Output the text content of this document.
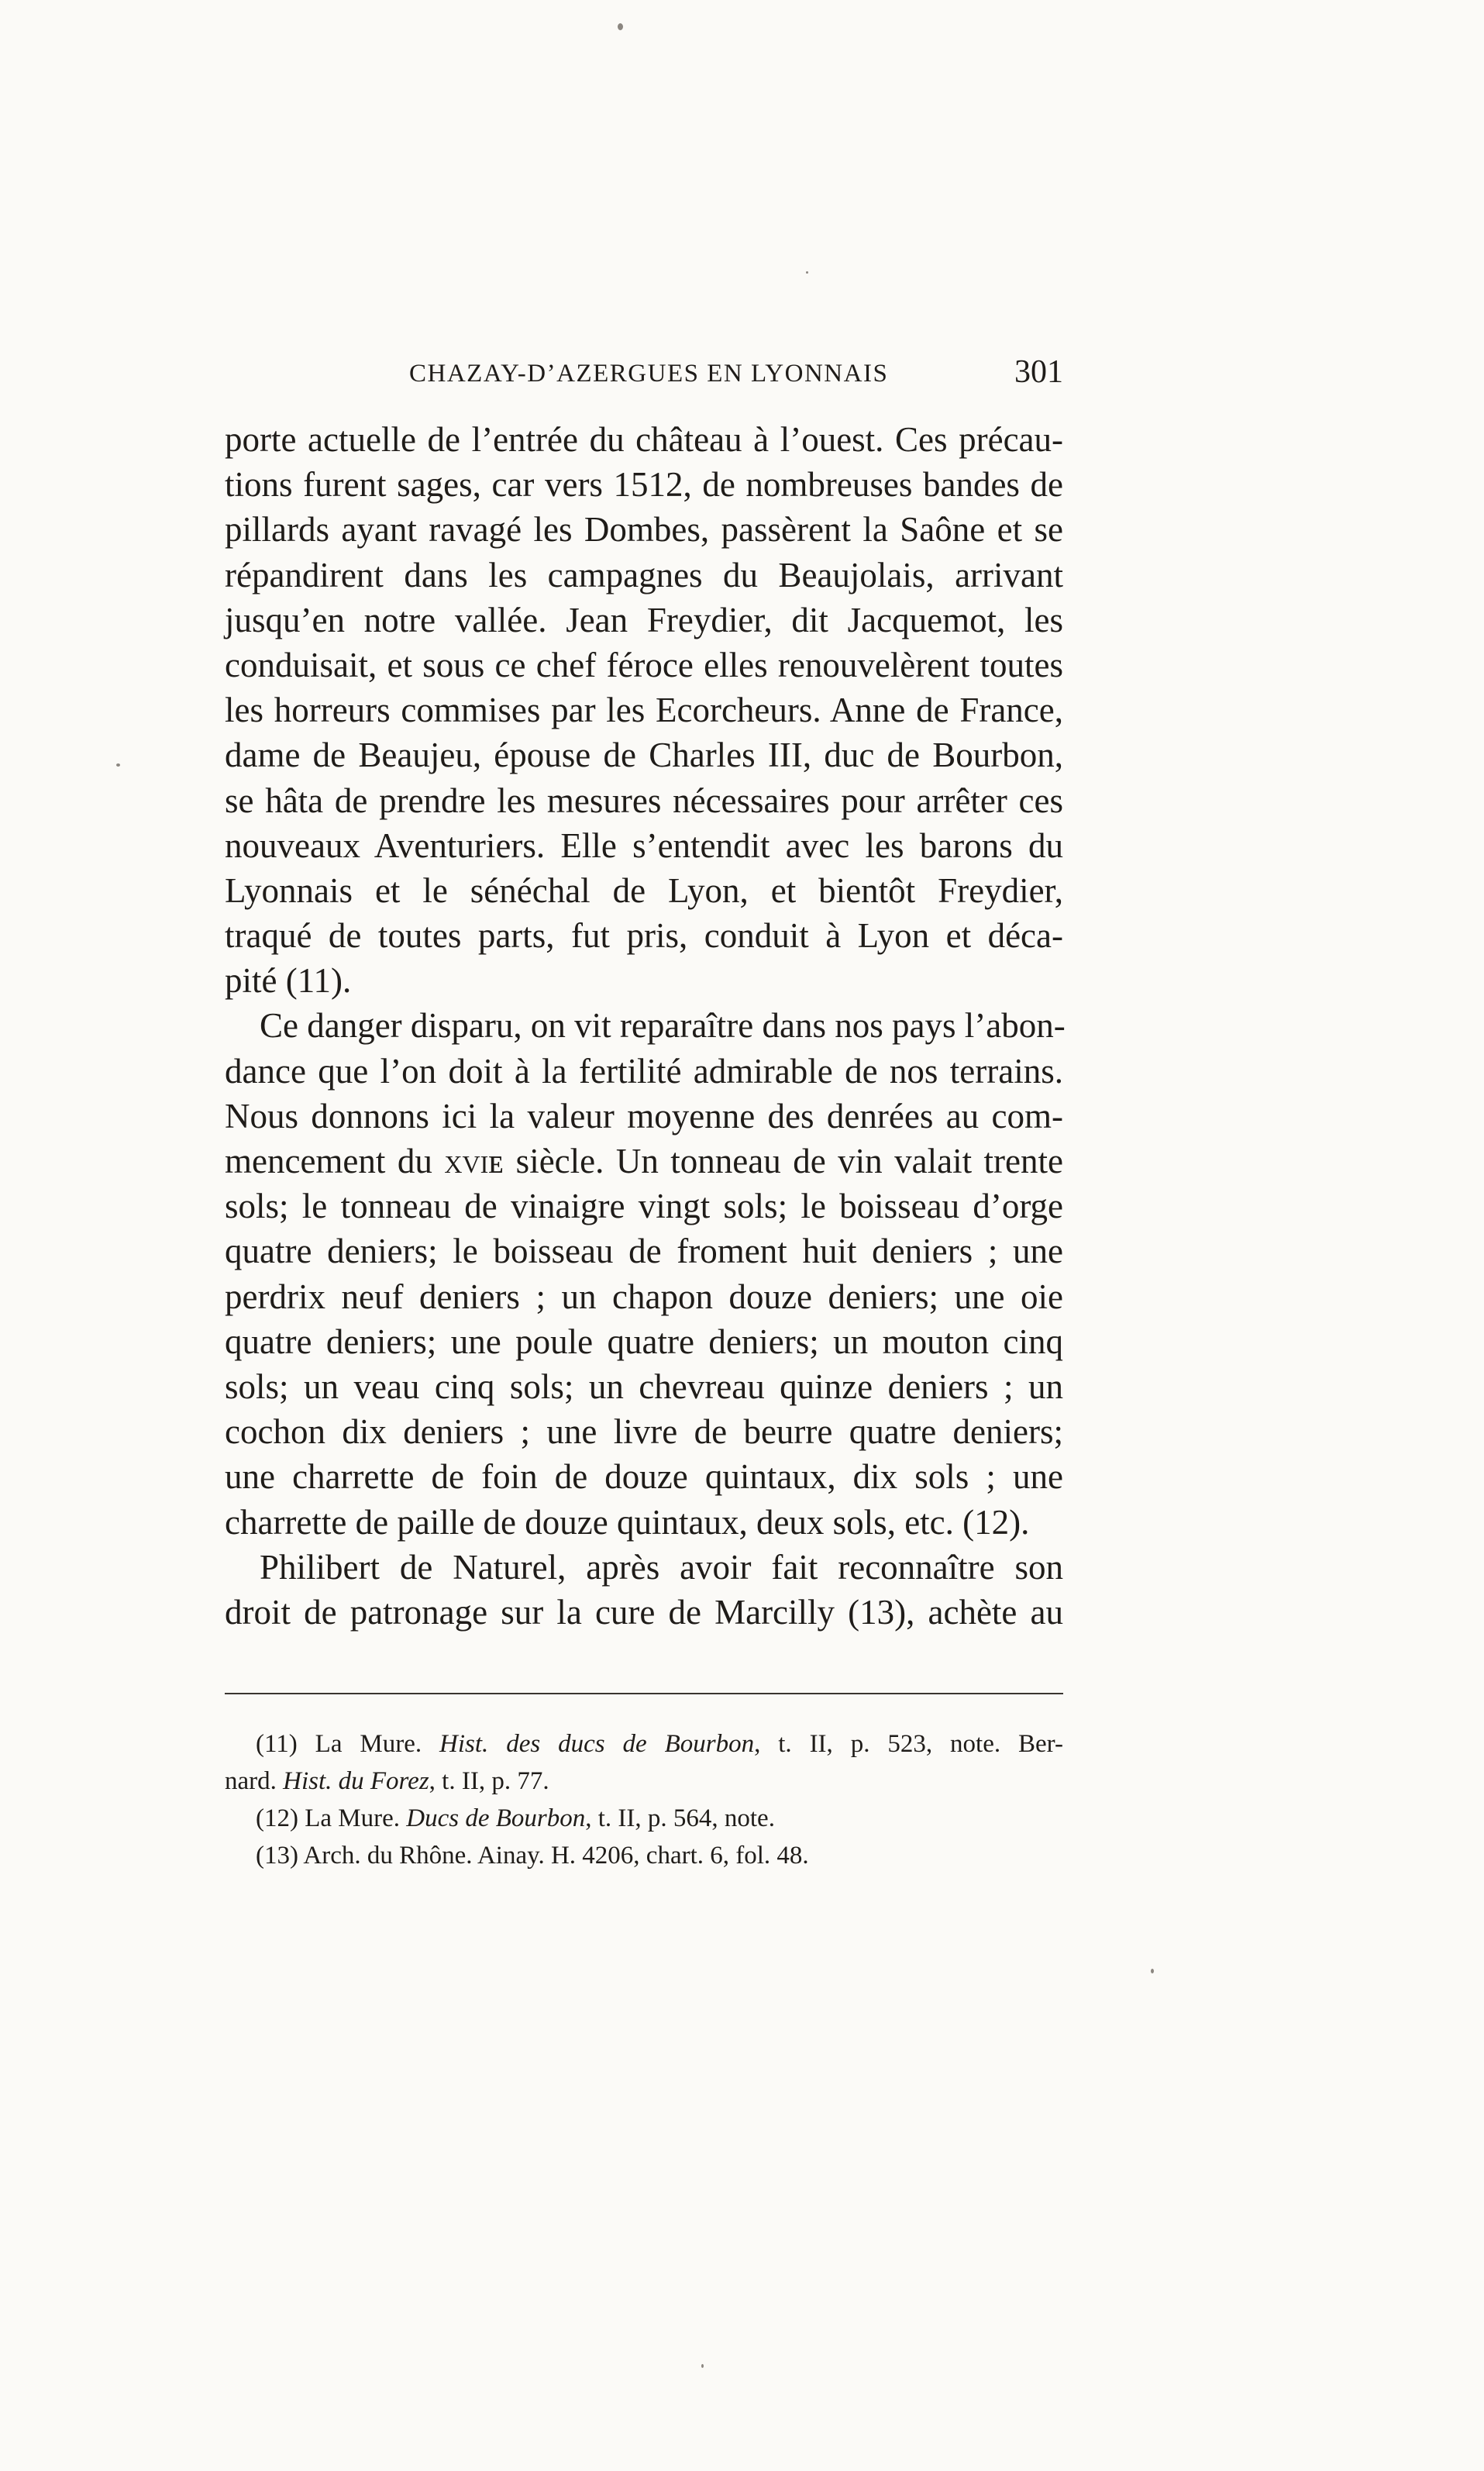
CHAZAY-D’AZERGUES EN LYONNAIS	301

porte actuelle de l’entrée du château à l’ouest. Ces précau-
tions furent sages, car vers 1512, de nombreuses bandes de
pillards ayant ravagé les Dombes, passèrent la Saône et se
répandirent dans les campagnes du Beaujolais, arrivant
jusqu’en notre vallée. Jean Freydier, dit Jacquemot, les
conduisait, et sous ce chef féroce elles renouvelèrent toutes
les horreurs commises par les Ecorcheurs. Anne de France,
dame de Beaujeu, épouse de Charles III, duc de Bourbon,
se hâta de prendre les mesures nécessaires pour arrêter ces
nouveaux Aventuriers. Elle s’entendit avec les barons du
Lyonnais et le sénéchal de Lyon, et bientôt Freydier,
traqué de toutes parts, fut pris, conduit à Lyon et déca-
pité (11).

Ce danger disparu, on vit reparaître dans nos pays l’abon-
dance que l’on doit à la fertilité admirable de nos terrains.
Nous donnons ici la valeur moyenne des denrées au com-
mencement du xviᴇ siècle. Un tonneau de vin valait trente
sols; le tonneau de vinaigre vingt sols; le boisseau d’orge
quatre deniers; le boisseau de froment huit deniers ; une
perdrix neuf deniers ; un chapon douze deniers; une oie
quatre deniers; une poule quatre deniers; un mouton cinq
sols; un veau cinq sols; un chevreau quinze deniers ; un
cochon dix deniers ; une livre de beurre quatre deniers;
une charrette de foin de douze quintaux, dix sols ; une
charrette de paille de douze quintaux, deux sols, etc. (12).

Philibert de Naturel, après avoir fait reconnaître son
droit de patronage sur la cure de Marcilly (13), achète au

(11) La Mure. Hist. des ducs de Bourbon, t. II, p. 523, note. Ber-
nard. Hist. du Forez, t. II, p. 77.
(12) La Mure. Ducs de Bourbon, t. II, p. 564, note.
(13) Arch. du Rhône. Ainay. H. 4206, chart. 6, fol. 48.
